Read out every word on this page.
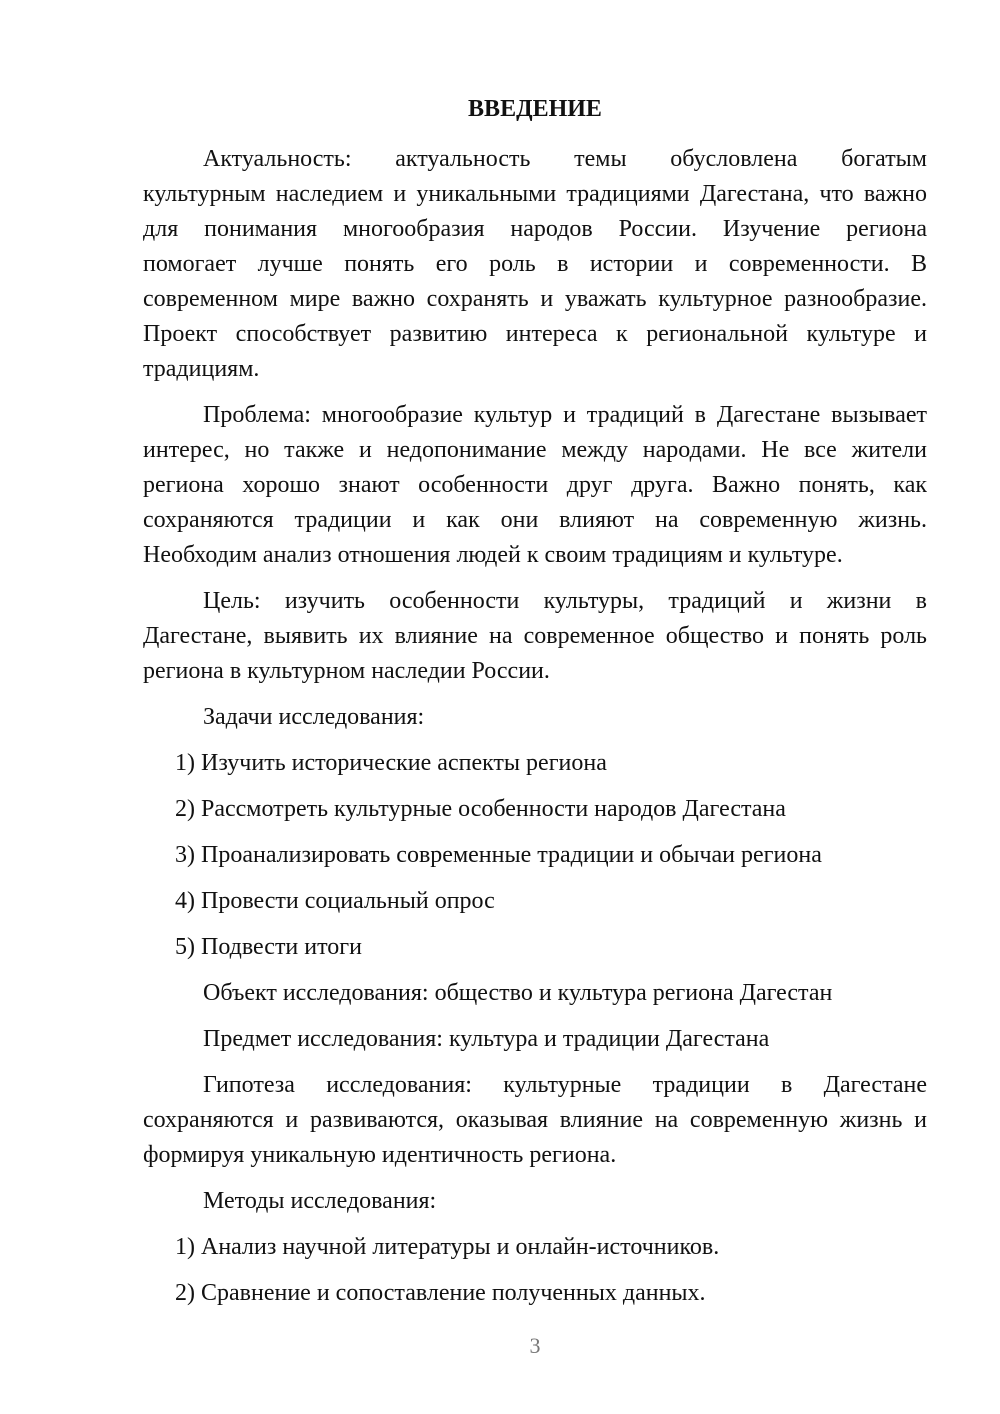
ВВЕДЕНИЕ
Актуальность: актуальность темы обусловлена богатым
культурным наследием и уникальными традициями Дагестана, что важно
для понимания многообразия народов России. Изучение региона
помогает лучше понять его роль в истории и современности. В
современном мире важно сохранять и уважать культурное разнообразие.
Проект способствует развитию интереса к региональной культуре и
традициям.
Проблема: многообразие культур и традиций в Дагестане вызывает
интерес, но также и недопонимание между народами. Не все жители
региона хорошо знают особенности друг друга. Важно понять, как
сохраняются традиции и как они влияют на современную жизнь.
Необходим анализ отношения людей к своим традициям и культуре.
Цель: изучить особенности культуры, традиций и жизни в
Дагестане, выявить их влияние на современное общество и понять роль
региона в культурном наследии России.
Задачи исследования:
1) Изучить исторические аспекты региона
2) Рассмотреть культурные особенности народов Дагестана
3) Проанализировать современные традиции и обычаи региона
4) Провести социальный опрос
5) Подвести итоги
Объект исследования: общество и культура региона Дагестан
Предмет исследования: культура и традиции Дагестана
Гипотеза исследования: культурные традиции в Дагестане
сохраняются и развиваются, оказывая влияние на современную жизнь и
формируя уникальную идентичность региона.
Методы исследования:
1) Анализ научной литературы и онлайн-источников.
2) Сравнение и сопоставление полученных данных.
3
